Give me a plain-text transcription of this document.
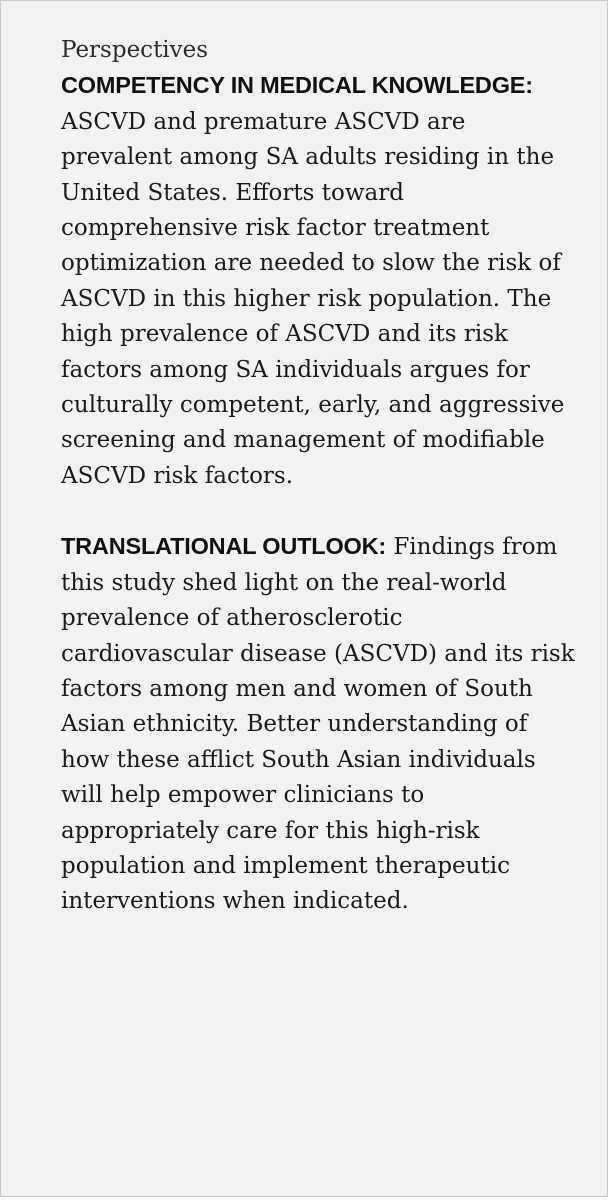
Perspectives

COMPETENCY IN MEDICAL KNOWLEDGE: ASCVD and premature ASCVD are prevalent among SA adults residing in the United States. Efforts toward comprehensive risk factor treatment optimization are needed to slow the risk of ASCVD in this higher risk population. The high prevalence of ASCVD and its risk factors among SA individuals argues for culturally competent, early, and aggressive screening and management of modifiable ASCVD risk factors.

TRANSLATIONAL OUTLOOK: Findings from this study shed light on the real-world prevalence of atherosclerotic cardiovascular disease (ASCVD) and its risk factors among men and women of South Asian ethnicity. Better understanding of how these afflict South Asian individuals will help empower clinicians to appropriately care for this high-risk population and implement therapeutic interventions when indicated.
